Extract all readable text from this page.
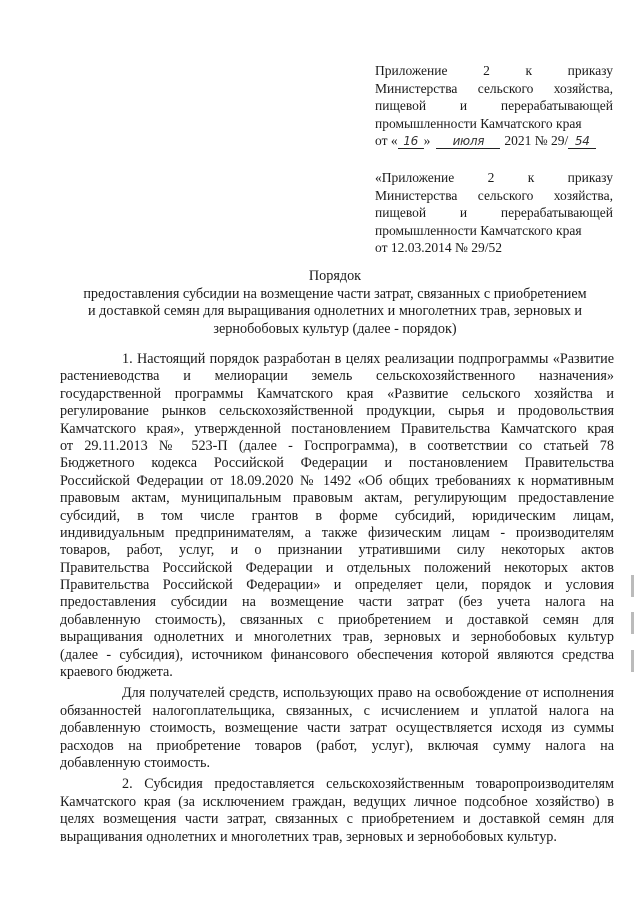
Приложение 2 к приказу
Министерства сельского хозяйства,
пищевой и перерабатывающей
промышленности Камчатского края
от « 16 »	июля	2021 № 29/ 54
«Приложение 2 к приказу
Министерства сельского хозяйства,
пищевой и перерабатывающей
промышленности Камчатского края
от 12.03.2014 № 29/52
Порядок
предоставления субсидии на возмещение части затрат, связанных с приобретением
и доставкой семян для выращивания однолетних и многолетних трав, зерновых и
зернобобовых культур (далее - порядок)
1. Настоящий порядок разработан в целях реализации подпрограммы «Развитие
растениеводства и мелиорации земель сельскохозяйственного назначения»
государственной программы Камчатского края «Развитие сельского хозяйства и
регулирование рынков сельскохозяйственной продукции, сырья и продовольствия
Камчатского края», утвержденной постановлением Правительства Камчатского края
от 29.11.2013 № 523-П (далее - Госпрограмма), в соответствии со статьей 78
Бюджетного кодекса Российской Федерации и постановлением Правительства
Российской Федерации от 18.09.2020 № 1492 «Об общих требованиях к нормативным
правовым актам, муниципальным правовым актам, регулирующим предоставление
субсидий, в том числе грантов в форме субсидий, юридическим лицам,
индивидуальным предпринимателям, а также физическим лицам - производителям
товаров, работ, услуг, и о признании утратившими силу некоторых актов
Правительства Российской Федерации и отдельных положений некоторых актов
Правительства Российской Федерации» и определяет цели, порядок и условия
предоставления субсидии на возмещение части затрат (без учета налога на
добавленную стоимость), связанных с приобретением и доставкой семян для
выращивания однолетних и многолетних трав, зерновых и зернобобовых культур
(далее - субсидия), источником финансового обеспечения которой являются средства
краевого бюджета.
Для получателей средств, использующих право на освобождение от исполнения
обязанностей налогоплательщика, связанных, с исчислением и уплатой налога на
добавленную стоимость, возмещение части затрат осуществляется исходя из суммы
расходов на приобретение товаров (работ, услуг), включая сумму налога на
добавленную стоимость.
2. Субсидия предоставляется сельскохозяйственным товаропроизводителям
Камчатского края (за исключением граждан, ведущих личное подсобное хозяйство) в
целях возмещения части затрат, связанных с приобретением и доставкой семян для
выращивания однолетних и многолетних трав, зерновых и зернобобовых культур.
